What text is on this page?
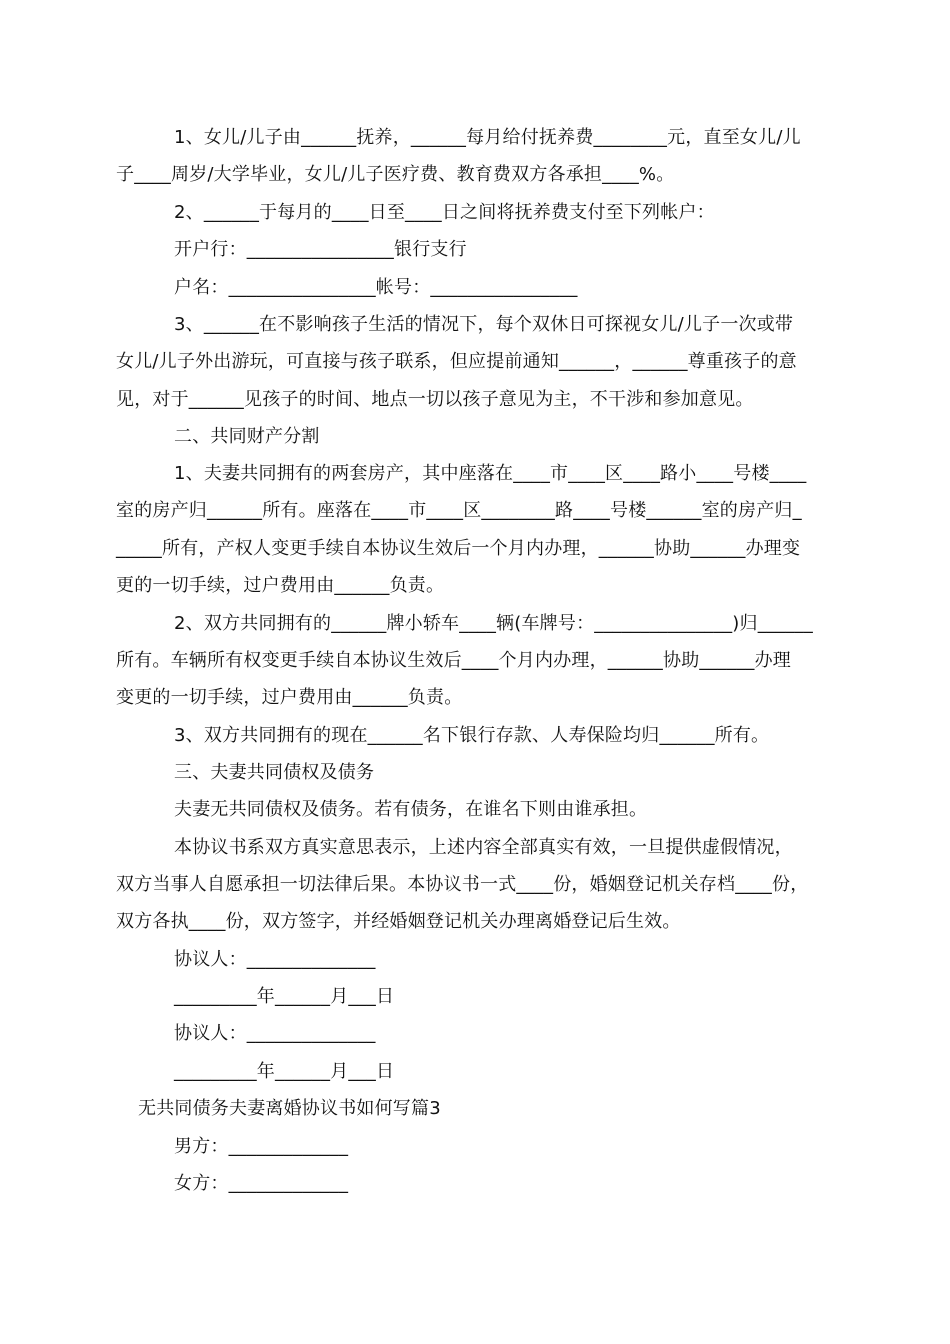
1、女儿/儿子由______抚养，______每月给付抚养费________元，直至女儿/儿
子____周岁/大学毕业，女儿/儿子医疗费、教育费双方各承担____%。
2、______于每月的____日至____日之间将抚养费支付至下列帐户：
开户行：________________银行支行
户名：________________帐号：________________
3、______在不影响孩子生活的情况下，每个双休日可探视女儿/儿子一次或带
女儿/儿子外出游玩，可直接与孩子联系，但应提前通知______，______尊重孩子的意
见，对于______见孩子的时间、地点一切以孩子意见为主，不干涉和参加意见。
二、共同财产分割
1、夫妻共同拥有的两套房产，其中座落在____市____区____路小____号楼____
室的房产归______所有。座落在____市____区________路____号楼______室的房产归_
_____所有，产权人变更手续自本协议生效后一个月内办理，______协助______办理变
更的一切手续，过户费用由______负责。
2、双方共同拥有的______牌小轿车____辆(车牌号：_______________)归______
所有。车辆所有权变更手续自本协议生效后____个月内办理，______协助______办理
变更的一切手续，过户费用由______负责。
3、双方共同拥有的现在______名下银行存款、人寿保险均归______所有。
三、夫妻共同债权及债务
夫妻无共同债权及债务。若有债务，在谁名下则由谁承担。
本协议书系双方真实意思表示，上述内容全部真实有效，一旦提供虚假情况，
双方当事人自愿承担一切法律后果。本协议书一式____份，婚姻登记机关存档____份，
双方各执____份，双方签字，并经婚姻登记机关办理离婚登记后生效。
协议人：______________
_________年______月___日
协议人：______________
_________年______月___日
无共同债务夫妻离婚协议书如何写篇3
男方：_____________
女方：_____________
